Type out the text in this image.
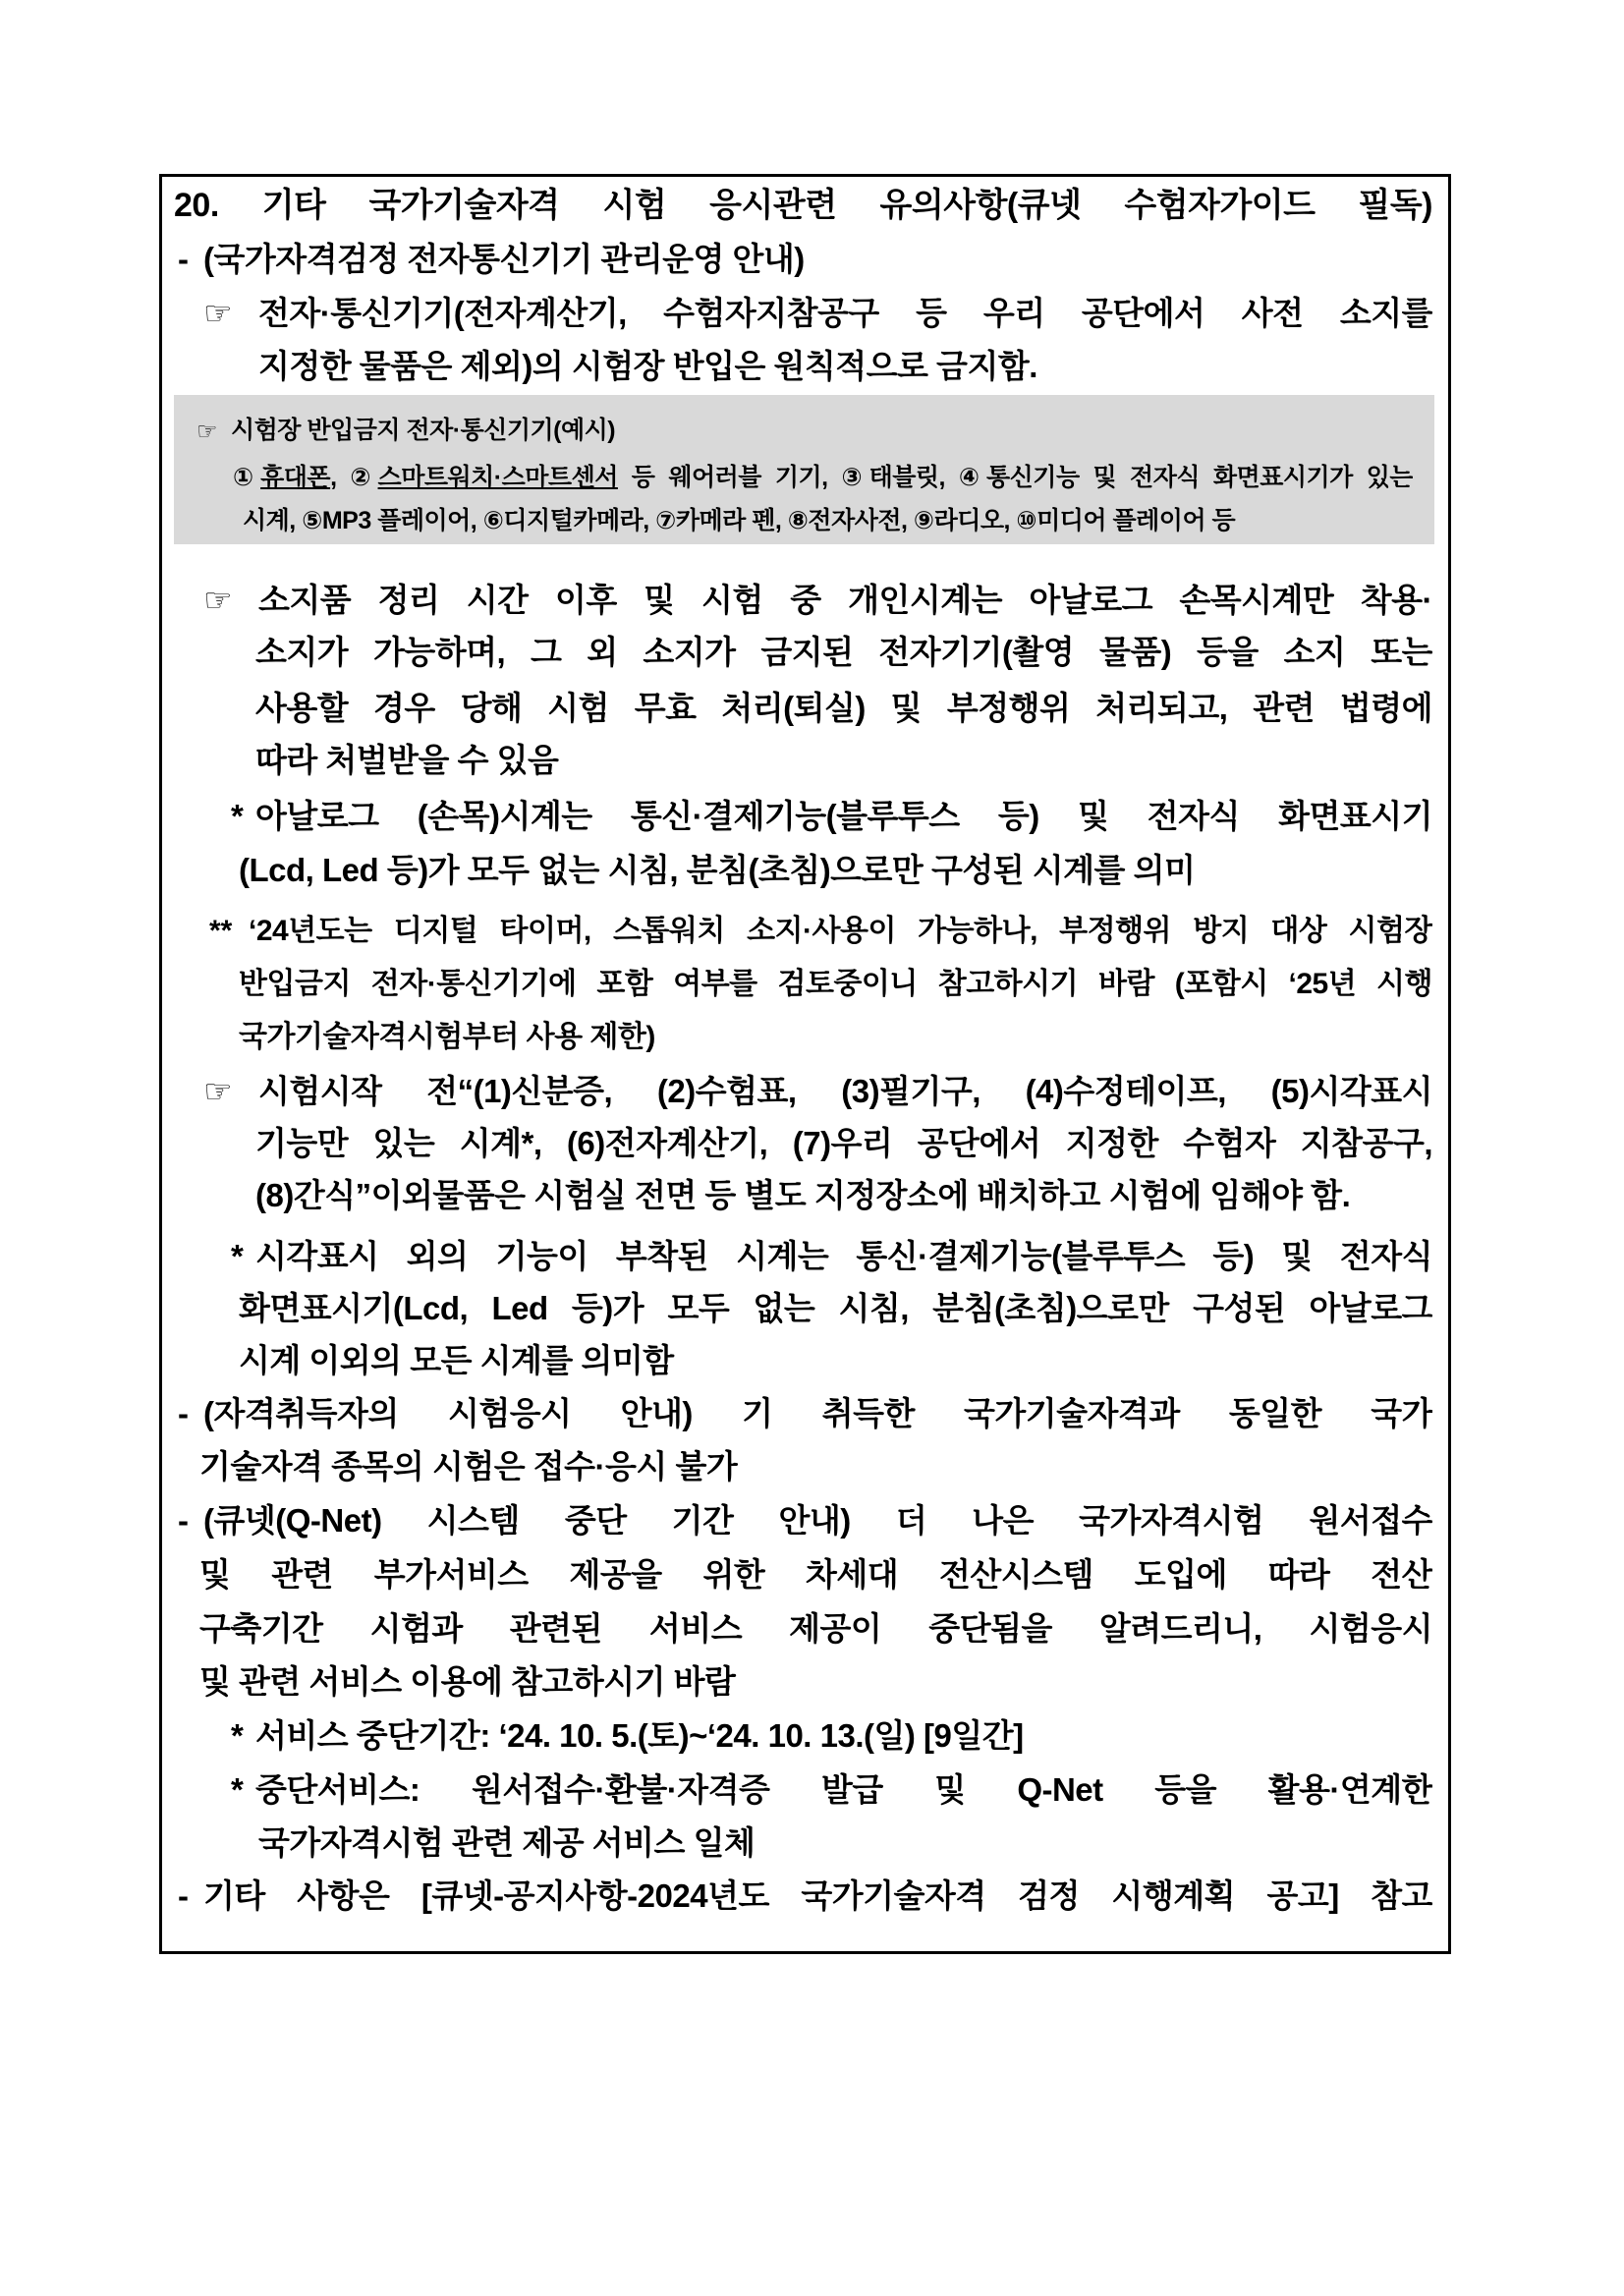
20. 기타 국가기술자격 시험 응시관련 유의사항(큐넷 수험자가이드 필독)
- (국가자격검정 전자통신기기 관리운영 안내)
☞ 전자·통신기기(전자계산기, 수험자지참공구 등 우리 공단에서 사전 소지를
지정한 물품은 제외)의 시험장 반입은 원칙적으로 금지함.
☞ 시험장 반입금지 전자·통신기기(예시)
①휴대폰, ②스마트워치·스마트센서 등 웨어러블 기기, ③태블릿, ④통신기능 및 전자식 화면표시기가 있는
시계, ⑤MP3 플레이어, ⑥디지털카메라, ⑦카메라 펜, ⑧전자사전, ⑨라디오, ⑩미디어 플레이어 등
☞ 소지품 정리 시간 이후 및 시험 중 개인시계는 아날로그 손목시계만 착용·
소지가 가능하며, 그 외 소지가 금지된 전자기기(촬영 물품) 등을 소지 또는
사용할 경우 당해 시험 무효 처리(퇴실) 및 부정행위 처리되고, 관련 법령에
따라 처벌받을 수 있음
* 아날로그 (손목)시계는 통신·결제기능(블루투스 등) 및 전자식 화면표시기
(Lcd, Led 등)가 모두 없는 시침, 분침(초침)으로만 구성된 시계를 의미
** ‘24년도는 디지털 타이머, 스톱워치 소지·사용이 가능하나, 부정행위 방지 대상 시험장
반입금지 전자·통신기기에 포함 여부를 검토중이니 참고하시기 바람 (포함시 ‘25년 시행
국가기술자격시험부터 사용 제한)
☞ 시험시작 전“(1)신분증, (2)수험표, (3)필기구, (4)수정테이프, (5)시각표시
기능만 있는 시계*, (6)전자계산기, (7)우리 공단에서 지정한 수험자 지참공구,
(8)간식”이외물품은 시험실 전면 등 별도 지정장소에 배치하고 시험에 임해야 함.
* 시각표시 외의 기능이 부착된 시계는 통신·결제기능(블루투스 등) 및 전자식
화면표시기(Lcd, Led 등)가 모두 없는 시침, 분침(초침)으로만 구성된 아날로그
시계 이외의 모든 시계를 의미함
- (자격취득자의 시험응시 안내) 기 취득한 국가기술자격과 동일한 국가
기술자격 종목의 시험은 접수·응시 불가
- (큐넷(Q-Net) 시스템 중단 기간 안내) 더 나은 국가자격시험 원서접수
및 관련 부가서비스 제공을 위한 차세대 전산시스템 도입에 따라 전산
구축기간 시험과 관련된 서비스 제공이 중단됨을 알려드리니, 시험응시
및 관련 서비스 이용에 참고하시기 바람
* 서비스 중단기간: ‘24. 10. 5.(토)~‘24. 10. 13.(일) [9일간]
* 중단서비스: 원서접수·환불·자격증 발급 및 Q-Net 등을 활용·연계한
국가자격시험 관련 제공 서비스 일체
- 기타 사항은 [큐넷-공지사항-2024년도 국가기술자격 검정 시행계획 공고] 참고
